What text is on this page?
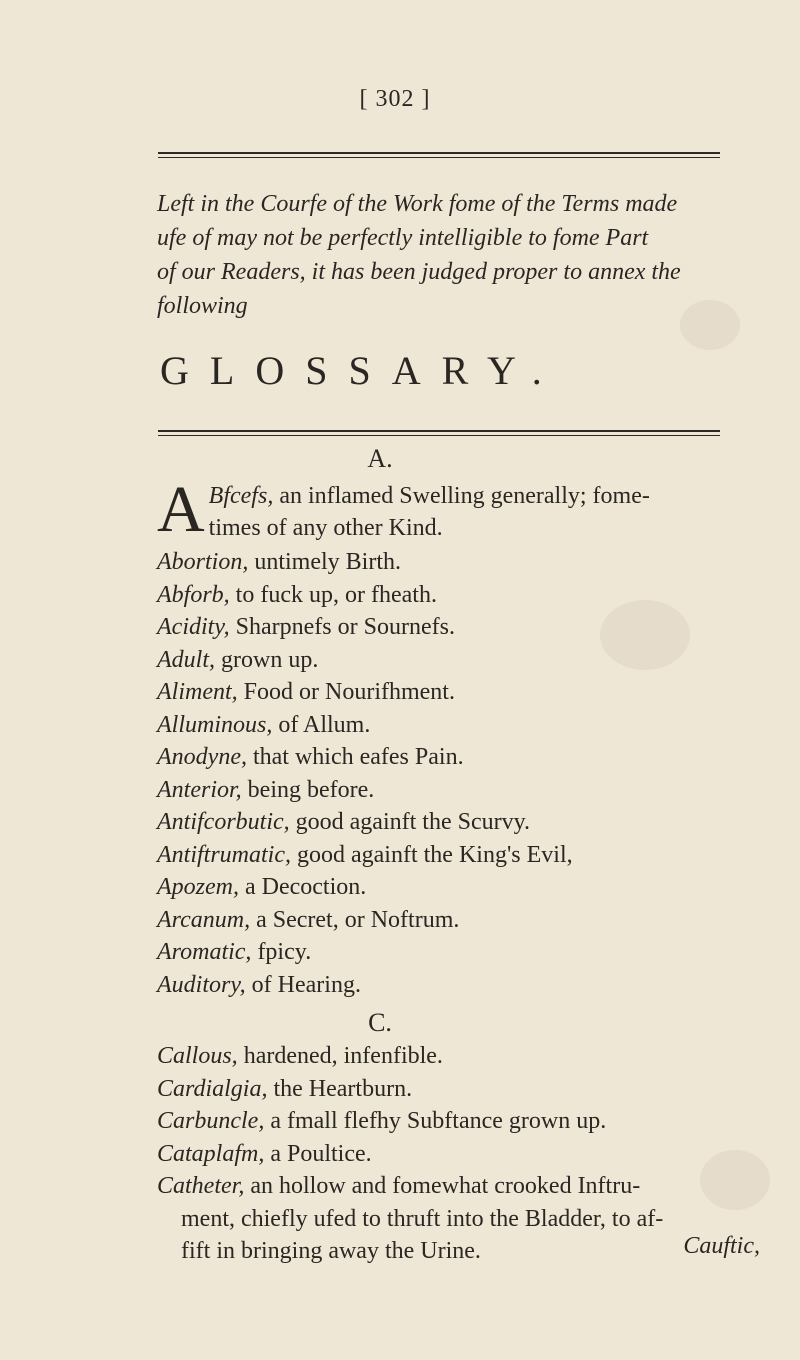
[ 302 ]
Left in the Courfe of the Work fome of the Terms made
ufe of may not be perfectly intelligible to fome Part
of our Readers, it has been judged proper to annex the
following
GLOSSARY.
A.
A Bfcefs, an inflamed Swelling generally; fome-
times of any other Kind.
Abortion, untimely Birth.
Abforb, to fuck up, or fheath.
Acidity, Sharpnefs or Sournefs.
Adult, grown up.
Aliment, Food or Nourifhment.
Alluminous, of Allum.
Anodyne, that which eafes Pain.
Anterior, being before.
Antifcorbutic, good againft the Scurvy.
Antiftrumatic, good againft the King's Evil,
Apozem, a Decoction.
Arcanum, a Secret, or Noftrum.
Aromatic, fpicy.
Auditory, of Hearing.
C.
Callous, hardened, infenfible.
Cardialgia, the Heartburn.
Carbuncle, a fmall flefhy Subftance grown up.
Cataplafm, a Poultice.
Catheter, an hollow and fomewhat crooked Inftru-
ment, chiefly ufed to thruft into the Bladder, to af-
fift in bringing away the Urine.	Cauftic,
